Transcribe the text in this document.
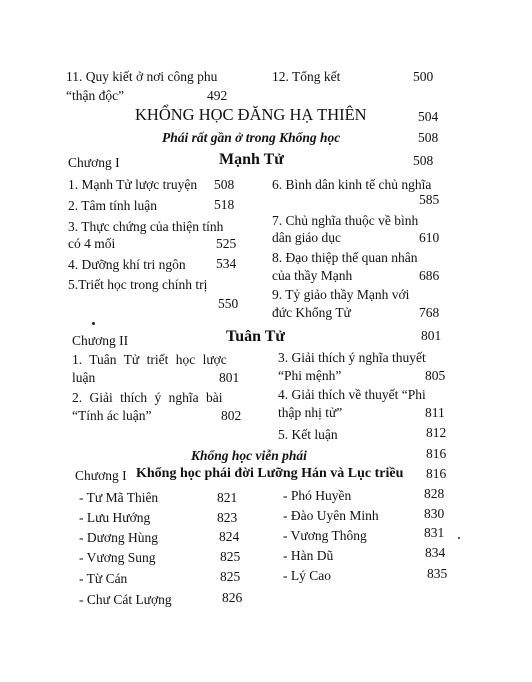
11. Quy kiết ở nơi công phu
“thận độc”	492
12. Tổng kết	500
KHỔNG HỌC ĐĂNG HẠ THIÊN	504
Phái rất gần ở trong Khổng học	508
Chương I	Mạnh Tử	508
1. Mạnh Tử lược truyện 508
2. Tâm tính luận	518
3. Thực chứng của thiện tính
có 4 mối	525
4. Dưỡng khí tri ngôn 534
5.Triết học trong chính trị
550
6. Bình dân kinh tế chủ nghĩa
585
7. Chủ nghĩa thuộc về bình
dân giáo dục	610
8. Đạo thiệp thế quan nhân
của thầy Mạnh	686
9. Tỷ giảo thầy Mạnh với
đức Khổng Tử	768
Chương II	Tuân Tử	801
1. Tuân Tử triết học lược
luận	801
2. Giải thích ý nghĩa bài
“Tính ác luận”	802
3. Giải thích ý nghĩa thuyết
“Phi mệnh”	805
4. Giải thích về thuyết “Phi
thập nhị tử”	811
5. Kết luận	812
Khổng học viễn phái	816
Chương I Khổng học phái đời Lưỡng Hán và Lục triều 816
- Tư Mã Thiên	821
- Lưu Hướng	823
- Dương Hùng	824
- Vương Sung	825
- Từ Cán	825
- Chư Cát Lượng	826
- Phó Huyền	828
- Đào Uyên Minh	830
- Vương Thông	831
- Hàn Dũ	834
- Lý Cao	835
